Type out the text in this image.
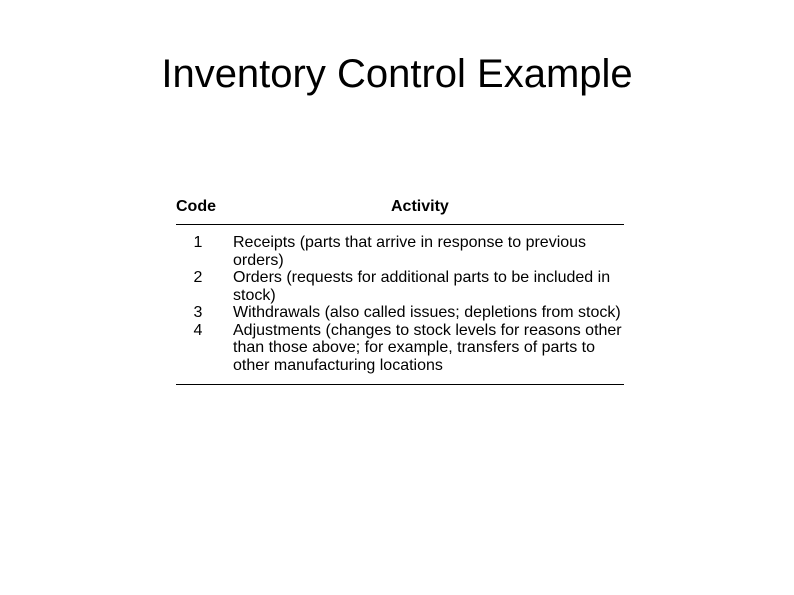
Inventory Control Example
Code	Activity
1	Receipts (parts that arrive in response to previous orders)
2	Orders (requests for additional parts to be included in stock)
3	Withdrawals (also called issues; depletions from stock)
4	Adjustments (changes to stock levels for reasons other than those above; for example, transfers of parts to other manufacturing locations
